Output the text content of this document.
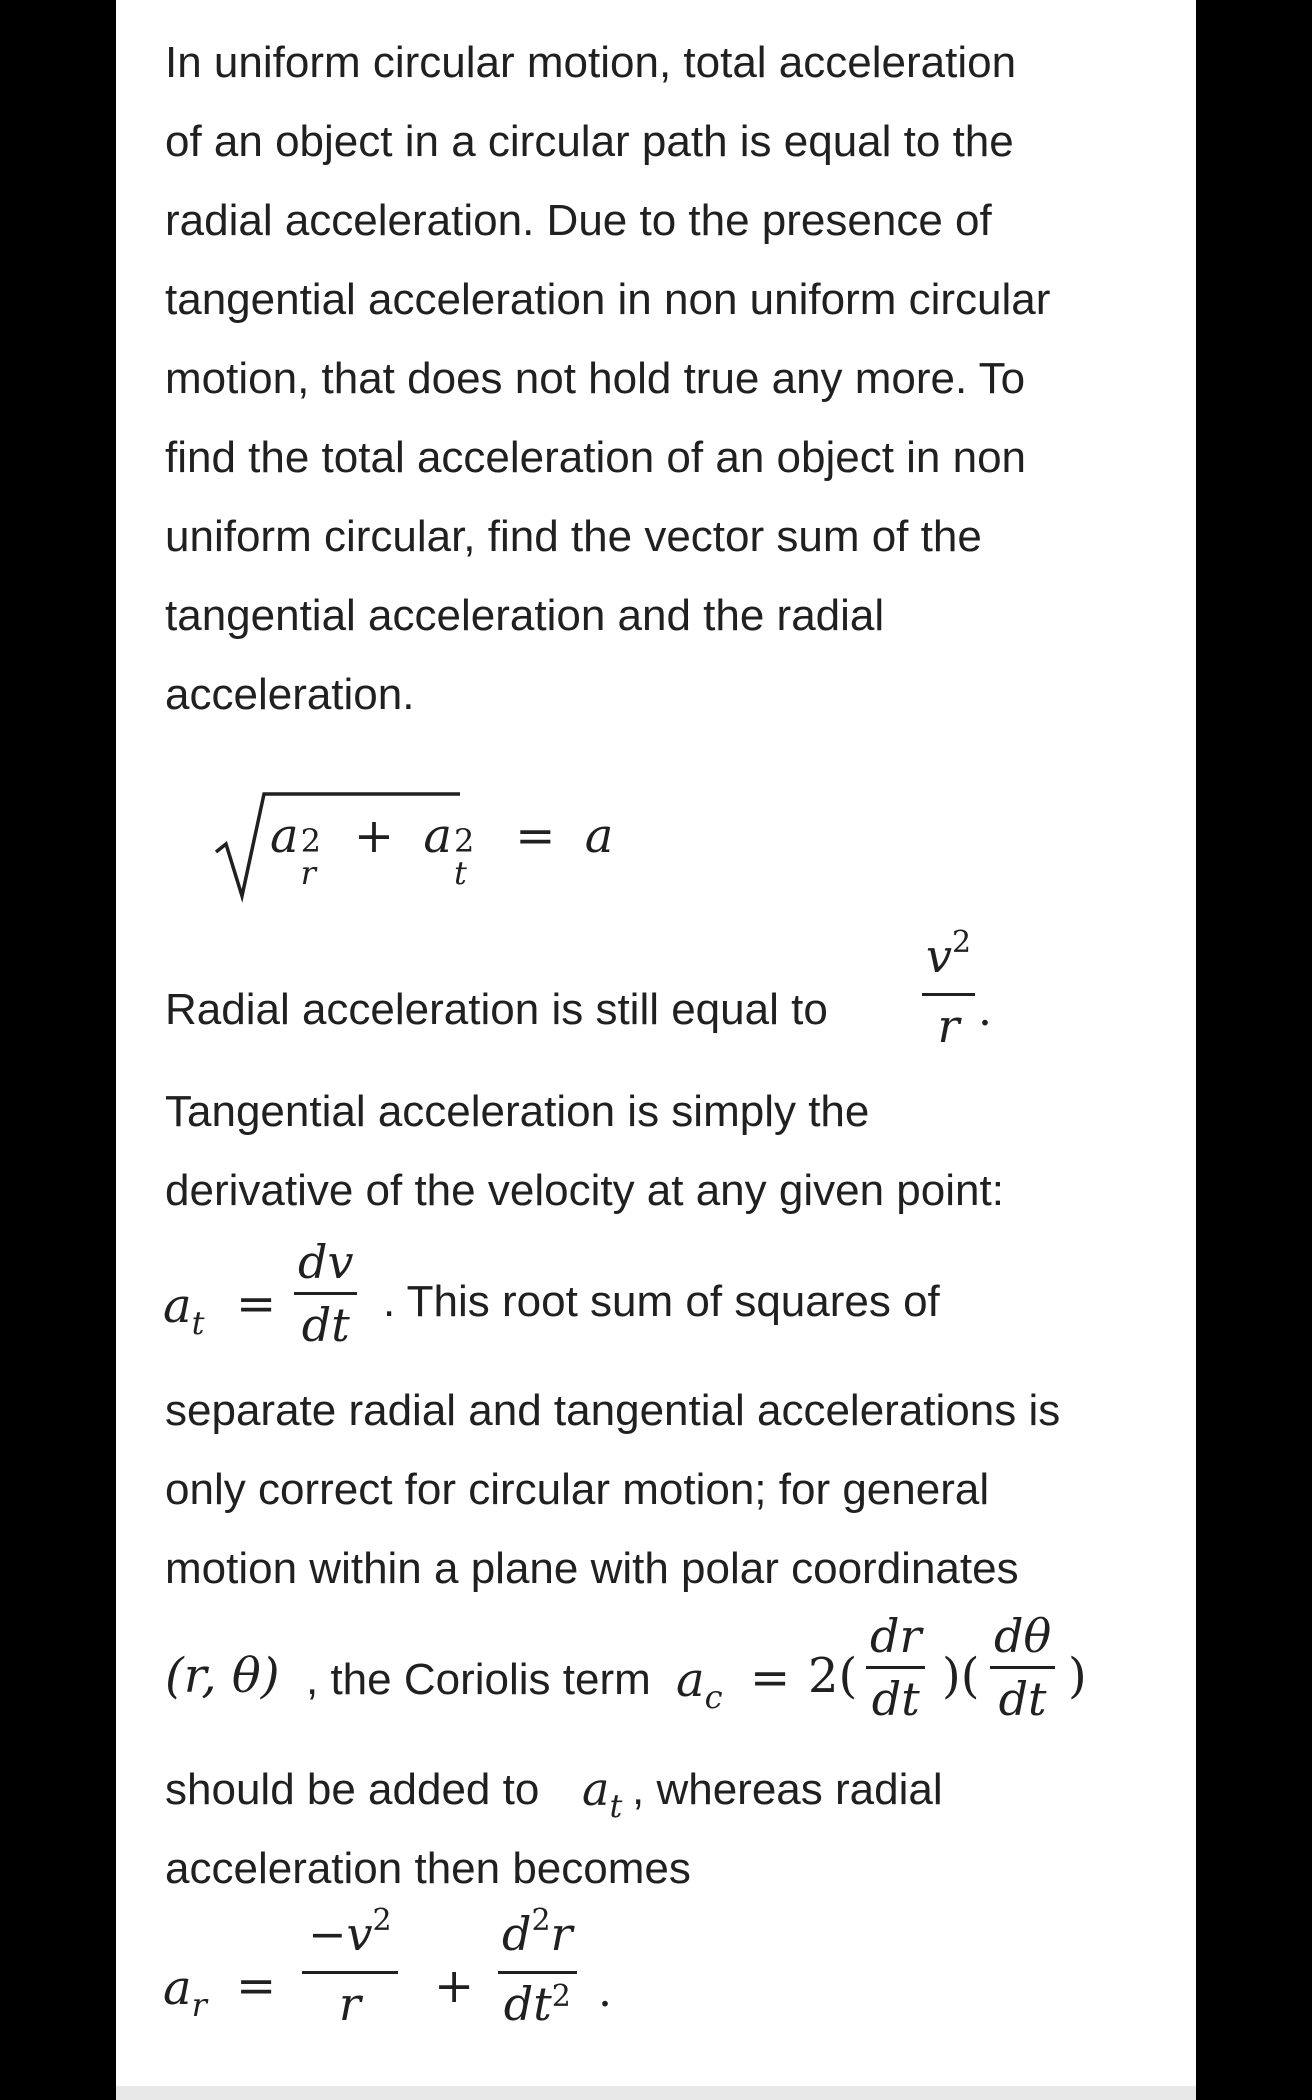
In uniform circular motion, total acceleration

of an object in a circular path is equal to the

radial acceleration. Due to the presence of

tangential acceleration in non uniform circular

motion, that does not hold true any more. To

find the total acceleration of an object in non

uniform circular, find the vector sum of the

tangential acceleration and the radial

acceleration.

a 2
r
+ a 2
t
= a

Radial acceleration is still equal to

$v^2$
r .

Tangential acceleration is simply the

derivative of the velocity at any given point:

$a_t$ =
dv
dt . This root sum of squares of

separate radial and tangential accelerations is

only correct for circular motion; for general

motion within a plane with polar coordinates

(r, θ) , the Coriolis term $a_c = 2$(
dr
dt )(
dθ
dt )
should be added to $a_t$ , whereas radial

acceleration then becomes

$a_r$ =
$-v^2$
r +
$d^2r$
$dt^2$ .
